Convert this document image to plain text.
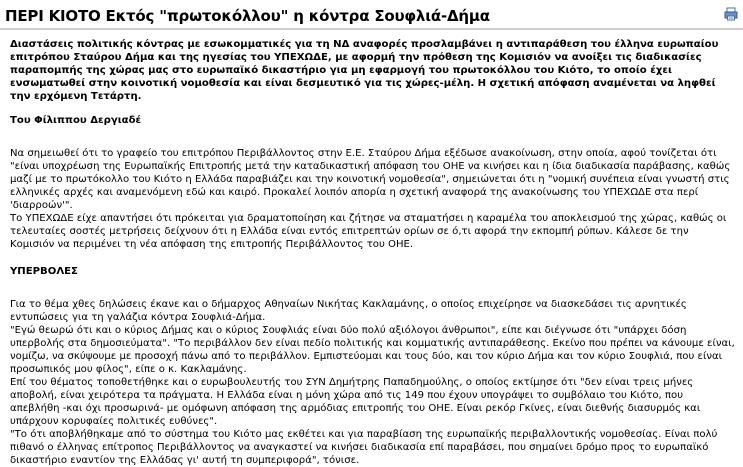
ΠΕΡΙ ΚΙΟΤΟ Εκτός "πρωτοκόλλου" η κόντρα Σουφλιά-Δήμα

Διαστάσεις πολιτικής κόντρας με εσωκομματικές για τη ΝΔ αναφορές προσλαμβάνει η αντιπαράθεση του έλληνα ευρωπαίου επιτρόπου Σταύρου Δήμα και της ηγεσίας του ΥΠΕΧΩΔΕ, με αφορμή την πρόθεση της Κομισιόν να ανοίξει τις διαδικασίες παραπομπής της χώρας μας στο ευρωπαϊκό δικαστήριο για μη εφαρμογή του πρωτοκόλλου του Κιότο, το οποίο έχει ενσωματωθεί στην κοινοτική νομοθεσία και είναι δεσμευτικό για τις χώρες-μέλη. Η σχετική απόφαση αναμένεται να ληφθεί την ερχόμενη Τετάρτη.

Του Φίλιππου Δεργιαδέ

Να σημειωθεί ότι το γραφείο του επιτρόπου Περιβάλλοντος στην Ε.Ε. Σταύρου Δήμα εξέδωσε ανακοίνωση, στην οποία, αφού τονίζεται ότι "είναι υποχρέωση της Ευρωπαϊκής Επιτροπής μετά την καταδικαστική απόφαση του ΟΗΕ να κινήσει και η ίδια διαδικασία παράβασης, καθώς μαζί με το πρωτόκολλο του Κιότο η Ελλάδα παραβιάζει και την κοινοτική νομοθεσία", σημειώνεται ότι η "νομική συνέπεια είναι γνωστή στις ελληνικές αρχές και αναμενόμενη εδώ και καιρό. Προκαλεί λοιπόν απορία η σχετική αναφορά της ανακοίνωσης του ΥΠΕΧΩΔΕ στα περί 'διαρροών'".

Το ΥΠΕΧΩΔΕ είχε απαντήσει ότι πρόκειται για δραματοποίηση και ζήτησε να σταματήσει η καραμέλα του αποκλεισμού της χώρας, καθώς οι τελευταίες σοστές μετρήσεις δείχνουν ότι η Ελλάδα είναι εντός επιτρεπτών ορίων σε ό,τι αφορά την εκπομπή ρύπων. Κάλεσε δε την Κομισιόν να περιμένει τη νέα απόφαση της επιτροπής Περιβάλλοντος του ΟΗΕ.

ΥΠΕΡΒΟΛΕΣ

Για το θέμα χθες δηλώσεις έκανε και ο δήμαρχος Αθηναίων Νικήτας Κακλαμάνης, ο οποίος επιχείρησε να διασκεδάσει τις αρνητικές εντυπώσεις για τη γαλάζια κόντρα Σουφλιά-Δήμα.

"Εγώ θεωρώ ότι και ο κύριος Δήμας και ο κύριος Σουφλιάς είναι δύο πολύ αξιόλογοι άνθρωποι", είπε και διέγνωσε ότι "υπάρχει δόση υπερβολής στα δημοσιεύματα". "Το περιβάλλον δεν είναι πεδίο πολιτικής και κομματικής αντιπαράθεσης. Εκείνο που πρέπει να κάνουμε είναι, νομίζω, να σκύψουμε με προσοχή πάνω από το περιβάλλον. Εμπιστεύομαι και τους δύο, και τον κύριο Δήμα και τον κύριο Σουφλιά, που είναι προσωπικός μου φίλος", είπε ο κ. Κακλαμάνης.

Επί του θέματος τοποθετήθηκε και ο ευρωβουλευτής του ΣΥΝ Δημήτρης Παπαδημούλης, ο οποίος εκτίμησε ότι "δεν είναι τρεις μήνες αποβολή, είναι χειρότερα τα πράγματα. Η Ελλάδα είναι η μόνη χώρα από τις 149 που έχουν υπογράψει το συμβόλαιο του Κιότο, που απεβλήθη -και όχι προσωρινά- με ομόφωνη απόφαση της αρμόδιας επιτροπής του ΟΗΕ. Είναι ρεκόρ Γκίνες, είναι διεθνής διασυρμός και υπάρχουν κορυφαίες πολιτικές ευθύνες".

"Το ότι αποβλήθηκαμε από το σύστημα του Κιότο μας εκθέτει και για παραβίαση της ευρωπαϊκής περιβαλλοντικής νομοθεσίας. Είναι πολύ πιθανό ο έλληνας επίτροπος Περιβάλλοντος να αναγκαστεί να κινήσει διαδικασία επί παραβάσει, που σημαίνει δρόμο προς το ευρωπαϊκό δικαστήριο εναντίον της Ελλάδας γι' αυτή τη συμπεριφορά", τόνισε.
